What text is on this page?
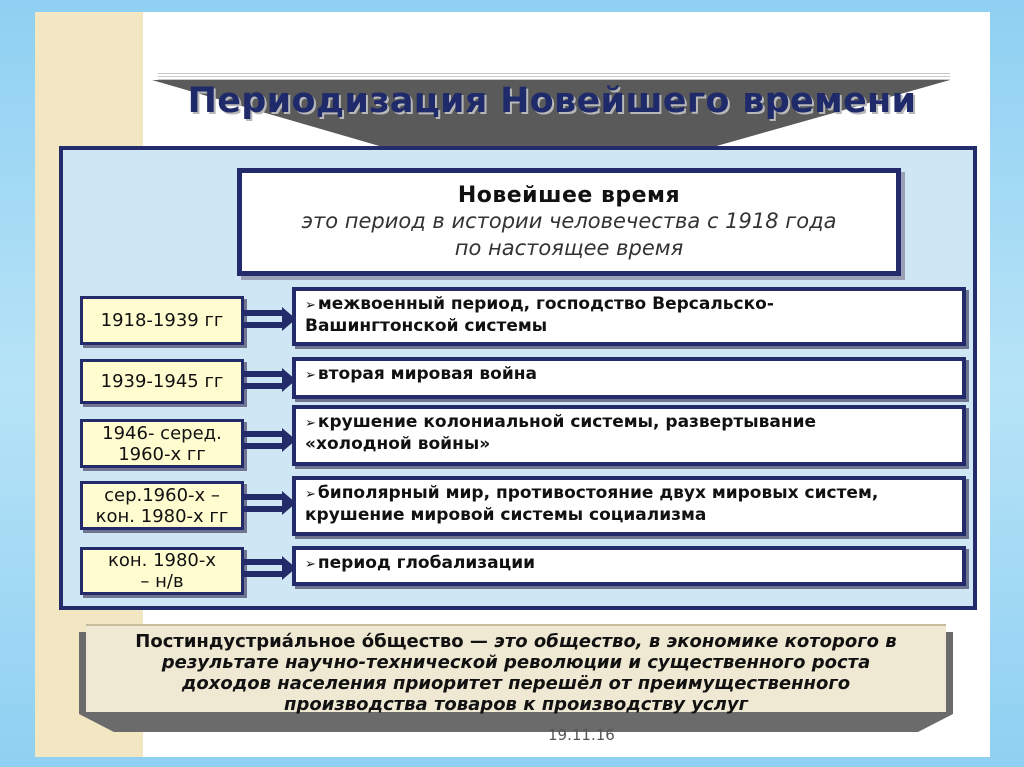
Периодизация Новейшего времени
Новейшее время
это период в истории человечества с 1918 года
по настоящее время
1918-1939 гг
➢ межвоенный период, господство Версальско-
Вашингтонской системы
1939-1945 гг	➢ вторая мировая война
1946- серед.
1960-х гг
➢ крушение колониальной системы, развертывание
«холодной войны»
сер.1960-х –
кон. 1980-х гг
➢ биполярный мир, противостояние двух мировых систем,
крушение мировой системы социализма
кон. 1980-х
– н/в
➢ период глобализации
Постиндустриа́льное о́бщество — это общество, в экономике которого в
результате научно-технической революции и существенного роста
доходов населения приоритет перешёл от преимущественного
производства товаров к производству услуг
19.11.16
